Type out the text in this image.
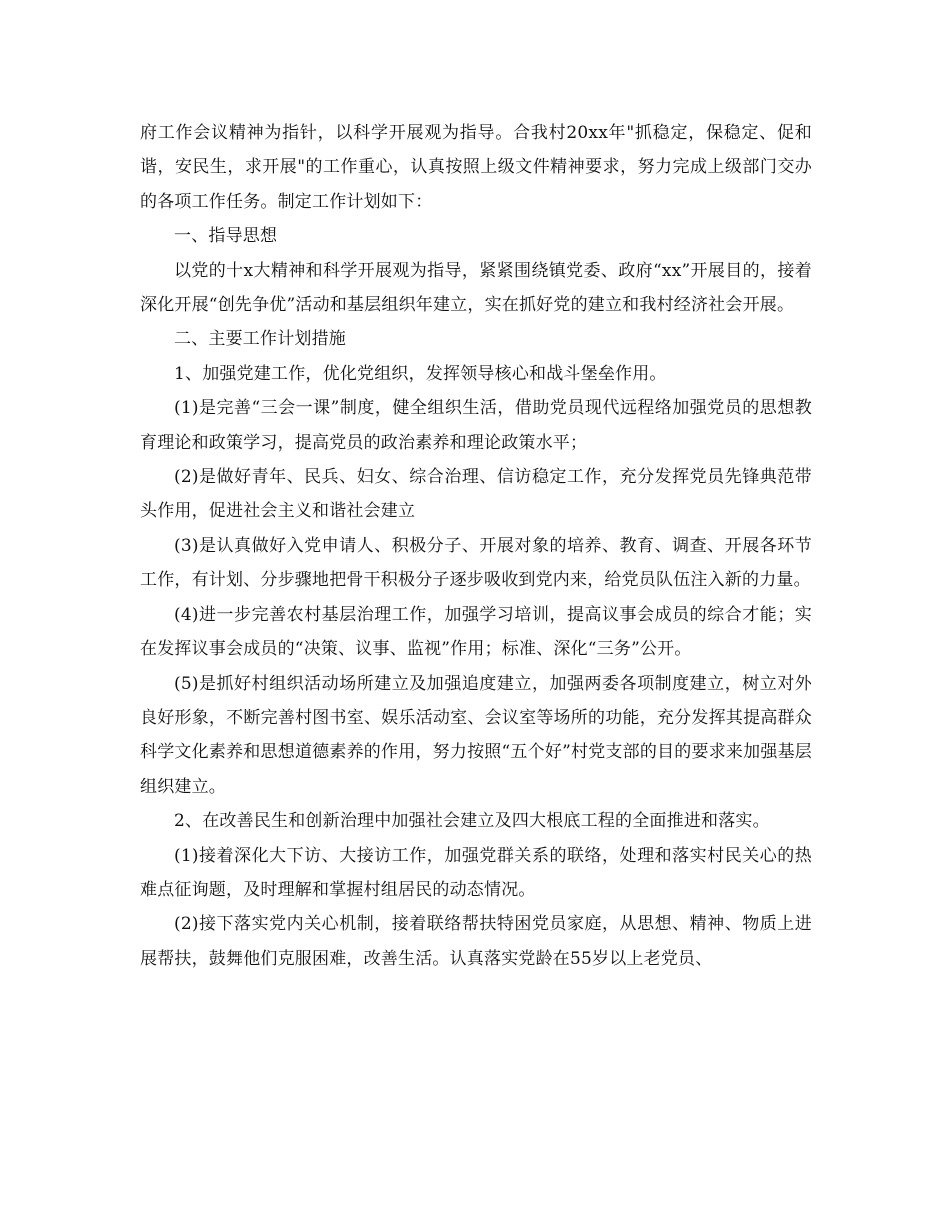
府工作会议精神为指针，以科学开展观为指导。合我村20xx年"抓稳定，保稳定、促和谐，安民生，求开展"的工作重心，认真按照上级文件精神要求，努力完成上级部门交办的各项工作任务。制定工作计划如下：

一、指导思想

以党的十x大精神和科学开展观为指导，紧紧围绕镇党委、政府“xx”开展目的，接着深化开展“创先争优”活动和基层组织年建立，实在抓好党的建立和我村经济社会开展。

二、主要工作计划措施

1、加强党建工作，优化党组织，发挥领导核心和战斗堡垒作用。

(1)是完善“三会一课”制度，健全组织生活，借助党员现代远程络加强党员的思想教育理论和政策学习，提高党员的政治素养和理论政策水平；

(2)是做好青年、民兵、妇女、综合治理、信访稳定工作，充分发挥党员先锋典范带头作用，促进社会主义和谐社会建立

(3)是认真做好入党申请人、积极分子、开展对象的培养、教育、调查、开展各环节工作，有计划、分步骤地把骨干积极分子逐步吸收到党内来，给党员队伍注入新的力量。

(4)进一步完善农村基层治理工作，加强学习培训，提高议事会成员的综合才能；实在发挥议事会成员的“决策、议事、监视”作用；标准、深化“三务”公开。

(5)是抓好村组织活动场所建立及加强追度建立，加强两委各项制度建立，树立对外良好形象，不断完善村图书室、娱乐活动室、会议室等场所的功能，充分发挥其提高群众科学文化素养和思想道德素养的作用，努力按照“五个好”村党支部的目的要求来加强基层组织建立。

2、在改善民生和创新治理中加强社会建立及四大根底工程的全面推进和落实。

(1)接着深化大下访、大接访工作，加强党群关系的联络，处理和落实村民关心的热难点征询题，及时理解和掌握村组居民的动态情况。

(2)接下落实党内关心机制，接着联络帮扶特困党员家庭，从思想、精神、物质上进展帮扶，鼓舞他们克服困难，改善生活。认真落实党龄在55岁以上老党员、
